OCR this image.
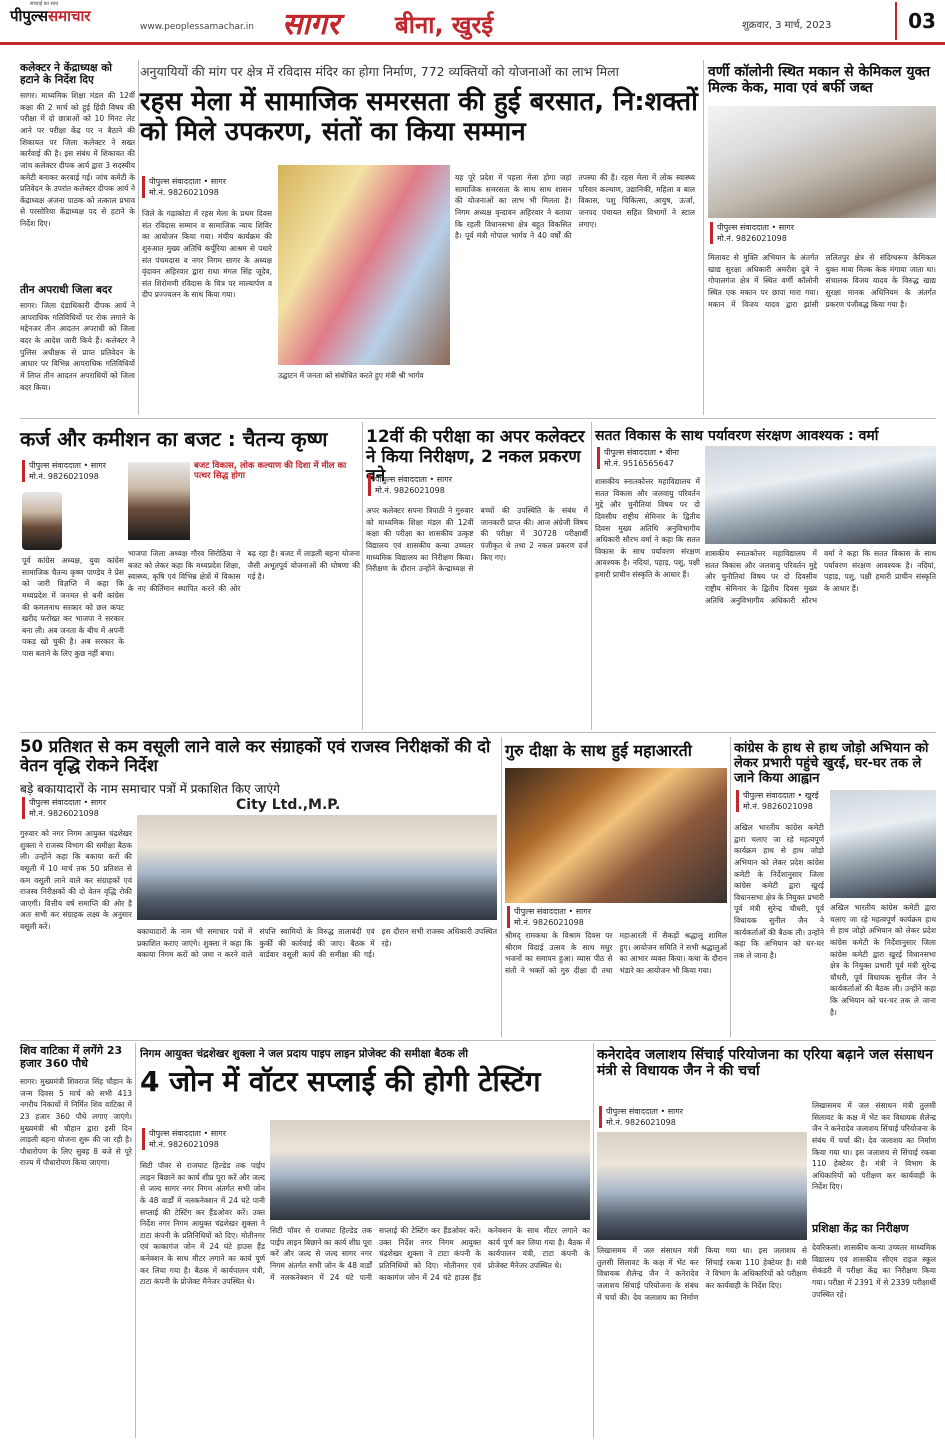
सच्चाई का साथ
पीपुल्ससमाचार
www.peoplessamachar.in सागर बीना, खुरई	शुक्रवार, 3 मार्च, 2023	03
कलेक्टर ने केंद्राध्यक्ष को हटाने के निर्देश दिए
सागर। माध्यमिक शिक्षा मंडल की 12वीं कक्षा की 2 मार्च को हुई हिंदी विषय की परीक्षा में दो छात्राओं को 10 मिनट लेट आने पर परीक्षा केंद्र पर न बैठाने की शिकायत पर जिला कलेक्टर ने सख्त कार्रवाई की है। इस संबंध में शिकायत की जांच कलेक्टर दीपक आर्य द्वारा 3 सदस्यीय कमेटी बनाकर करवाई गई। जांच कमेटी के प्रतिवेदन के उपरांत कलेक्टर दीपक आर्य ने केंद्राध्यक्ष अंजना पाठक को तत्काल प्रभाव से परसोरिया केंद्राध्यक्ष पद से हटाने के निर्देश दिए।
तीन अपराधी जिला बदर
सागर। जिला दंडाधिकारी दीपक आर्य ने आपराधिक गतिविधियों पर रोक लगाने के मद्देनजर तीन आदतन अपराधी को जिला बदर के आदेश जारी किये हैं। कलेक्टर ने पुलिस अधीक्षक से प्राप्त प्रतिवेदन के आधार पर विभिन्न आपराधिक गतिविधियों में लिप्त तीन आदतन अपराधियों को जिला बदर किया।
अनुयायियों की मांग पर क्षेत्र में रविदास मंदिर का होगा निर्माण, 772 व्यक्तियों को योजनाओं का लाभ मिला
रहस मेला में सामाजिक समरसता की हुई बरसात, नि:शक्तों को मिले उपकरण, संतों का किया सम्मान
पीपुल्स संवाददाता • सागर
मो.नं. 9826021098
जिले के गढ़ाकोटा में रहस मेला के प्रथम दिवस संत रविदास सम्मान व सामाजिक न्याय शिविर का आयोजन किया गया। मंचीय कार्यक्रम की शुरुआत मुख्य अतिथि कर्पूरिया आश्रम से पधारे संत पंचमदास व नगर निगम सागर के अध्यक्ष वृंदावन अहिरवार द्वारा राधा मंगल सिंह जूदेव, संत शिरोमणी रविदास के चित्र पर माल्यार्पण व दीप प्रज्ज्वलन के साथ किया गया।
उद्घाटन में जनता को संबोधित करते हुए मंत्री श्री भार्गव
यह पूरे प्रदेश में पहला मेला होगा जहां सामाजिक समरसता के साथ साथ शासन की योजनाओं का लाभ भी मिलता है। निगम अध्यक्ष वृन्दावन अहिरवार ने बताया कि रहली विधानसभा क्षेत्र बहुत विकसित है। पूर्व मंत्री गोपाल भार्गव ने 40 वर्षों की तपस्या की है। रहस मेला में लोक स्वास्थ्य परिवार कल्याण, उद्यानिकी, महिला व बाल विकास, पशु चिकित्सा, आयुष, ऊर्जा, जनपद पंचायत सहित विभागों ने स्टाल लगाए।
वर्णी कॉलोनी स्थित मकान से केमिकल युक्त मिल्क केक, मावा एवं बर्फी जब्त
पीपुल्स संवाददाता • सागर
मो.नं. 9826021098
मिलावट से मुक्ति अभियान के अंतर्गत खाद्य सुरक्षा अधिकारी अमरीश दुबे ने गोपालगंज क्षेत्र में स्थित वर्णी कॉलोनी स्थित एक मकान पर छापा मारा गया। मकान में विजय यादव द्वारा झांसी ललितपुर क्षेत्र से संदिग्धरूप केमिकल युक्त मावा मिल्क केक मंगाया जाता था। संचालक विजय यादव के विरुद्ध खाद्य सुरक्षा मानक अधिनियम के अंतर्गत प्रकरण पंजीबद्ध किया गया है।
कर्ज और कमीशन का बजट : चैतन्य कृष्ण
पीपुल्स संवाददाता • सागर
मो.नं. 9826021098
पूर्व कांग्रेस अध्यक्ष, युवा कांग्रेस सामाजिक चैतन्य कृष्ण पाण्डेय ने प्रेस को जारी विज्ञप्ति में कहा कि मध्यप्रदेश में जनमत से बनी कांग्रेस की कमलनाथ सरकार को छल कपट खरीद फरोख्त कर भाजपा ने सरकार बना ली। अब जनता के बीच में अपनी पकड़ खो चुकी है। अब सरकार के पास बताने के लिए कुछ नहीं बचा।
बजट विकास, लोक कल्याण की दिशा में मील का पत्थर सिद्ध होगा
भाजपा जिला अध्यक्ष गौरव सिरोठिया ने बजट को लेकर कहा कि मध्यप्रदेश शिक्षा, स्वास्थ्य, कृषि एवं विभिन्न क्षेत्रों में विकास के नए कीर्तिमान स्थापित करने की ओर बढ़ रहा है। बजट में लाड़ली बहना योजना जैसी अभूतपूर्व योजनाओं की घोषणा की गई है।
12वीं की परीक्षा का अपर कलेक्टर ने किया निरीक्षण, 2 नकल प्रकरण बने
पीपुल्स संवाददाता • सागर
मो.नं. 9826021098
अपर कलेक्टर सपना त्रिपाठी ने गुरुवार को माध्यमिक शिक्षा मंडल की 12वीं कक्षा की परीक्षा का शासकीय उत्कृष्ट विद्यालय एवं शासकीय कन्या उच्चतर माध्यमिक विद्यालय का निरीक्षण किया। निरीक्षण के दौरान उन्होंने केन्द्राध्यक्ष से बच्चों की उपस्थिति के संबंध में जानकारी प्राप्त की। आज अंग्रेजी विषय की परीक्षा में 30728 परीक्षार्थी पंजीकृत थे तथा 2 नकल प्रकरण दर्ज किए गए।
सतत विकास के साथ पर्यावरण संरक्षण आवश्यक : वर्मा
पीपुल्स संवाददाता • बीना
मो.नं. 9516565647
शासकीय स्नातकोत्तर महाविद्यालय में सतत विकास और जलवायु परिवर्तन मुद्दे और चुनौतियां विषय पर दो दिवसीय राष्ट्रीय सेमिनार के द्वितीय दिवस मुख्य अतिथि अनुविभागीय अधिकारी सौरभ वर्मा ने कहा कि सतत विकास के साथ पर्यावरण संरक्षण आवश्यक है। नदियां, पहाड़, पशु, पक्षी हमारी प्राचीन संस्कृति के आधार हैं।
शासकीय स्नातकोत्तर महाविद्यालय में सतत विकास और जलवायु परिवर्तन मुद्दे और चुनौतियां विषय पर दो दिवसीय राष्ट्रीय सेमिनार के द्वितीय दिवस मुख्य अतिथि अनुविभागीय अधिकारी सौरभ वर्मा ने कहा कि सतत विकास के साथ पर्यावरण संरक्षण आवश्यक है। नदियां, पहाड़, पशु, पक्षी हमारी प्राचीन संस्कृति के आधार हैं।
50 प्रतिशत से कम वसूली लाने वाले कर संग्राहकों एवं राजस्व निरीक्षकों की दो वेतन वृद्धि रोकने निर्देश
बड़े बकायादारों के नाम समाचार पत्रों में प्रकाशित किए जाएंगे
पीपुल्स संवाददाता • सागर
मो.नं. 9826021098
City Ltd.,M.P.
गुरुवार को नगर निगम आयुक्त चंद्रशेखर शुक्ला ने राजस्व विभाग की समीक्षा बैठक ली। उन्होंने कहा कि बकाया करों की वसूली में 10 मार्च तक 50 प्रतिशत से कम वसूली लाने वाले कर संग्राहकों एवं राजस्व निरीक्षकों की दो वेतन वृद्धि रोकी जाएगी। वित्तीय वर्ष समाप्ति की ओर है अतः सभी कर संग्राहक लक्ष्य के अनुसार वसूली करें।
बकायादारों के नाम भी समाचार पत्रों में प्रकाशित कराए जाएंगे। शुक्ला ने कहा कि बकाया निगम करों को जमा न करने वाले संपत्ति स्वामियों के विरुद्ध तालाबंदी एवं कुर्की की कार्रवाई की जाए। बैठक में वार्डवार वसूली कार्य की समीक्षा की गई। इस दौरान सभी राजस्व अधिकारी उपस्थित रहे।
गुरु दीक्षा के साथ हुई महाआरती
पीपुल्स संवाददाता • सागर
मो.नं. 9826021098
श्रीमद् रामकथा के विश्राम दिवस पर श्रीराम विदाई उत्सव के साथ मधुर भजनों का समापन हुआ। व्यास पीठ से संतों ने भक्तों को गुरु दीक्षा दी तथा महाआरती में सैकड़ों श्रद्धालु शामिल हुए। आयोजन समिति ने सभी श्रद्धालुओं का आभार व्यक्त किया। कथा के दौरान भंडारे का आयोजन भी किया गया।
कांग्रेस के हाथ से हाथ जोड़ो अभियान को लेकर प्रभारी पहुंचे खुरई, घर-घर तक ले जाने किया आह्वान
पीपुल्स संवाददाता • खुरई
मो.नं. 9826021098
अखिल भारतीय कांग्रेस कमेटी द्वारा चलाए जा रहे महत्वपूर्ण कार्यक्रम हाथ से हाथ जोड़ो अभियान को लेकर प्रदेश कांग्रेस कमेटी के निर्देशानुसार जिला कांग्रेस कमेटी द्वारा खुरई विधानसभा क्षेत्र के नियुक्त प्रभारी पूर्व मंत्री सुरेन्द्र चौधरी, पूर्व विधायक सुनील जैन ने कार्यकर्ताओं की बैठक ली। उन्होंने कहा कि अभियान को घर-घर तक ले जाना है।
अखिल भारतीय कांग्रेस कमेटी द्वारा चलाए जा रहे महत्वपूर्ण कार्यक्रम हाथ से हाथ जोड़ो अभियान को लेकर प्रदेश कांग्रेस कमेटी के निर्देशानुसार जिला कांग्रेस कमेटी द्वारा खुरई विधानसभा क्षेत्र के नियुक्त प्रभारी पूर्व मंत्री सुरेन्द्र चौधरी, पूर्व विधायक सुनील जैन ने कार्यकर्ताओं की बैठक ली। उन्होंने कहा कि अभियान को घर-घर तक ले जाना है।
शिव वाटिका में लगेंगे 23 हजार 360 पौधे
सागर। मुख्यमंत्री शिवराज सिंह चौहान के जन्म दिवस 5 मार्च को सभी 413 नगरीय निकायों में निर्मित शिव वाटिका में 23 हजार 360 पौधे लगाए जाएंगे। मुख्यमंत्री श्री चौहान द्वारा इसी दिन लाड़ली बहना योजना शुरू की जा रही है। पौधारोपण के लिए सुबह 8 बजे से पूरे राज्य में पौधारोपण किया जाएगा।
निगम आयुक्त चंद्रशेखर शुक्ला ने जल प्रदाय पाइप लाइन प्रोजेक्ट की समीक्षा बैठक ली
4 जोन में वॉटर सप्लाई की होगी टेस्टिंग
पीपुल्स संवाददाता • सागर
मो.नं. 9826021098
सिटी पॉवर से राजघाट हिल्डेड तक पाईप लाइन बिछाने का कार्य शीघ्र पूरा करें और जल्द से जल्द सागर नगर निगम अंतर्गत सभी जोन के 48 वार्डों में नलकनेक्शन में 24 घंटे पानी सप्लाई की टेस्टिंग कर हैंडओवर करें। उक्त निर्देश नगर निगम आयुक्त चंद्रशेखर शुक्ला ने टाटा कंपनी के प्रतिनिधियों को दिए। मोतीनगर एवं काकागंज जोन में 24 घंटे हाउस हैंड कनेक्शन के साथ मीटर लगाने का कार्य पूर्ण कर लिया गया है। बैठक में कार्यपालन यंत्री, टाटा कंपनी के प्रोजेक्ट मैनेजर उपस्थित थे।
सिटी पॉवर से राजघाट हिल्डेड तक पाईप लाइन बिछाने का कार्य शीघ्र पूरा करें और जल्द से जल्द सागर नगर निगम अंतर्गत सभी जोन के 48 वार्डों में नलकनेक्शन में 24 घंटे पानी सप्लाई की टेस्टिंग कर हैंडओवर करें। उक्त निर्देश नगर निगम आयुक्त चंद्रशेखर शुक्ला ने टाटा कंपनी के प्रतिनिधियों को दिए। मोतीनगर एवं काकागंज जोन में 24 घंटे हाउस हैंड कनेक्शन के साथ मीटर लगाने का कार्य पूर्ण कर लिया गया है। बैठक में कार्यपालन यंत्री, टाटा कंपनी के प्रोजेक्ट मैनेजर उपस्थित थे।
कनेरादेव जलाशय सिंचाई परियोजना का एरिया बढ़ाने जल संसाधन मंत्री से विधायक जैन ने की चर्चा
पीपुल्स संवाददाता • सागर
मो.नं. 9826021098
लिखासमय में जल संसाधन मंत्री तुलसी सिलावट के कक्ष में भेंट कर विधायक शैलेन्द्र जैन ने कनेरादेव जलाशय सिंचाई परियोजना के संबंध में चर्चा की। देव जलाशय का निर्माण किया गया था। इस जलाशय से सिंचाई रकबा 110 हेक्टेयर है। मंत्री ने विभाग के अधिकारियों को परीक्षण कर कार्यवाही के निर्देश दिए।
लिखासमय में जल संसाधन मंत्री तुलसी सिलावट के कक्ष में भेंट कर विधायक शैलेन्द्र जैन ने कनेरादेव जलाशय सिंचाई परियोजना के संबंध में चर्चा की। देव जलाशय का निर्माण किया गया था। इस जलाशय से सिंचाई रकबा 110 हेक्टेयर है। मंत्री ने विभाग के अधिकारियों को परीक्षण कर कार्यवाही के निर्देश दिए।
प्रशिक्षा केंद्र का निरीक्षण
देवरिकलां। शासकीय कन्या उच्चतर माध्यमिक विद्यालय एवं शासकीय सीएम राइज स्कूल सेकंडरी में परीक्षा केंद्र का निरीक्षण किया गया। परीक्षा में 2391 में से 2339 परीक्षार्थी उपस्थित रहे।
